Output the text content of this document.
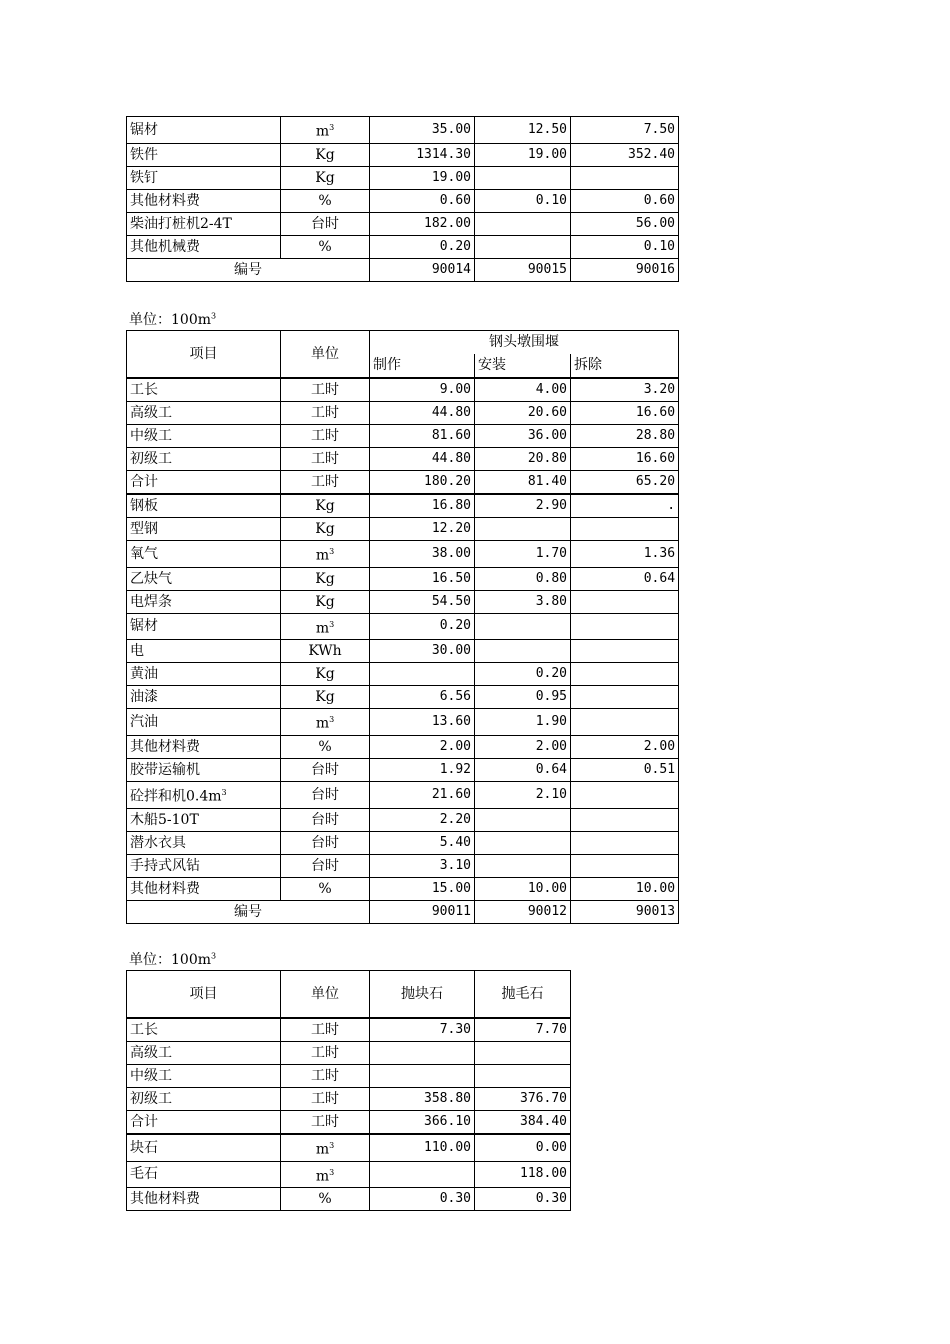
锯材	$m^3$	35.00	12.50	7.50
铁件	Kg	1314.30	19.00	352.40
铁钉	Kg	19.00		
其他材料费	%	0.60	0.10	0.60
柴油打桩机2-4T	台时	182.00		56.00
其他机械费	%	0.20		0.10
编号		90014	90015	90016
单位：$100m^3$
项目	单位	钢头墩围堰		
		制作	安装	拆除
工长	工时	9.00	4.00	3.20
高级工	工时	44.80	20.60	16.60
中级工	工时	81.60	36.00	28.80
初级工	工时	44.80	20.80	16.60
合计	工时	180.20	81.40	65.20
钢板	Kg	16.80	2.90	.
型钢	Kg	12.20		
氧气	$m^3$	38.00	1.70	1.36
乙炔气	Kg	16.50	0.80	0.64
电焊条	Kg	54.50	3.80	
锯材	$m^3$	0.20		
电	KWh	30.00		
黄油	Kg		0.20	
油漆	Kg	6.56	0.95	
汽油	$m^3$	13.60	1.90	
其他材料费	%	2.00	2.00	2.00
胶带运输机	台时	1.92	0.64	0.51
砼拌和机$0.4m^3$	台时	21.60	2.10	
木船5-10T	台时	2.20		
潜水衣具	台时	5.40		
手持式风钻	台时	3.10		
其他材料费	%	15.00	10.00	10.00
编号		90011	90012	90013
单位：$100m^3$
项目	单位	抛块石	抛毛石
工长	工时	7.30	7.70
高级工	工时		
中级工	工时		
初级工	工时	358.80	376.70
合计	工时	366.10	384.40
块石	$m^3$	110.00	0.00
毛石	$m^3$		118.00
其他材料费	%	0.30	0.30
